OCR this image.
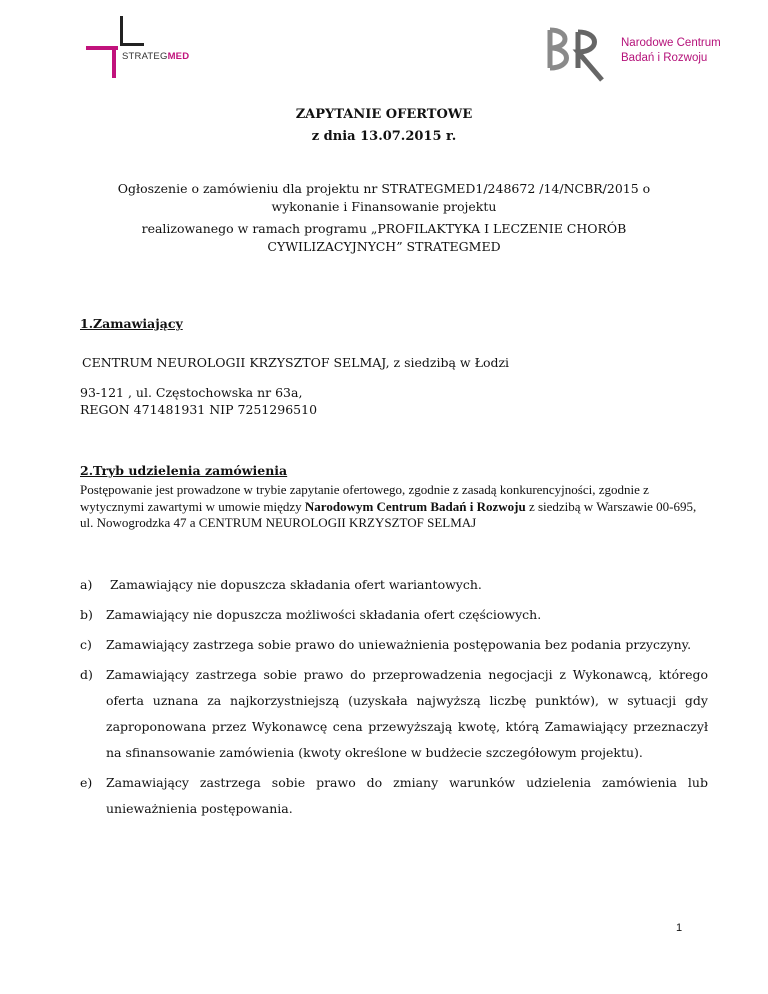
STRATEGMED
BR
Narodowe Centrum
Badań i Rozwoju
ZAPYTANIE OFERTOWE
z dnia 13.07.2015 r.

Ogłoszenie o zamówieniu dla projektu nr STRATEGMED1/248672 /14/NCBR/2015 o wykonanie i Finansowanie projektu

realizowanego w ramach programu „PROFILAKTYKA I LECZENIE CHORÓB CYWILIZACYJNYCH” STRATEGMED

1.Zamawiający
CENTRUM NEUROLOGII KRZYSZTOF SELMAJ, z siedzibą w Łodzi

93-121 , ul. Częstochowska nr 63a,

REGON 471481931 NIP 7251296510

2.Tryb udzielenia zamówienia
Postępowanie jest prowadzone w trybie zapytanie ofertowego, zgodnie z zasadą konkurencyjności, zgodnie z wytycznymi zawartymi w umowie między Narodowym Centrum Badań i Rozwoju z siedzibą w Warszawie 00-695, ul. Nowogrodzka 47 a CENTRUM NEUROLOGII KRZYSZTOF SELMAJ
a) Zamawiający nie dopuszcza składania ofert wariantowych.
b) Zamawiający nie dopuszcza możliwości składania ofert częściowych.
c) Zamawiający zastrzega sobie prawo do unieważnienia postępowania bez podania przyczyny.
d) Zamawiający zastrzega sobie prawo do przeprowadzenia negocjacji z Wykonawcą, którego oferta uznana za najkorzystniejszą (uzyskała najwyższą liczbę punktów), w sytuacji gdy zaproponowana przez Wykonawcę cena przewyższają kwotę, którą Zamawiający przeznaczył na sfinansowanie zamówienia (kwoty określone w budżecie szczegółowym projektu).
e) Zamawiający zastrzega sobie prawo do zmiany warunków udzielenia zamówienia lub unieważnienia postępowania.
1
